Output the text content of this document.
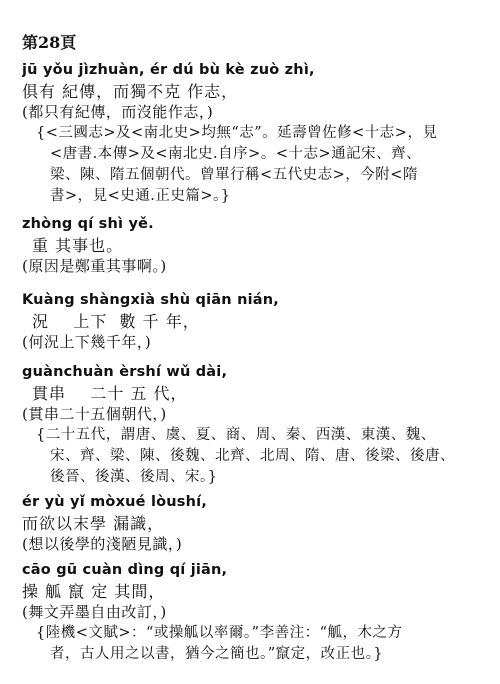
第28頁
jū yǒu jìzhuàn, ér dú bù kè zuò zhì,
俱有 紀傳，而獨不克 作志，
(都只有紀傳，而沒能作志，)
{<三國志>及<南北史>均無“志”。延壽曾佐修<十志>，見
<唐書.本傳>及<南北史.自序>。<十志>通記宋、齊、
梁、陳、隋五個朝代。曾單行稱<五代史志>，今附<隋
書>，見<史通.正史篇>。}
zhòng qí shì yě.
重 其事也。
(原因是鄭重其事啊。)
Kuàng shàngxià shù qiān nián,
況    上下  數 千 年，
(何況上下幾千年，)
guànchuàn èrshí wǔ dài,
貫串    二十 五 代，
(貫串二十五個朝代，)
{二十五代，謂唐、虞、夏、商、周、秦、西漢、東漢、魏、
宋、齊、梁、陳、後魏、北齊、北周、隋、唐、後梁、後唐、
後晉、後漢、後周、宋。}
ér yù yǐ mòxué lòushí,
而欲以末學 漏識，
(想以後學的淺陋見識，)
cāo gū cuàn dìng qí jiān,
操 觚 竄 定 其間，
(舞文弄墨自由改訂，)
{陸機<文賦>：“或操觚以率爾。”李善注：“觚，木之方
者，古人用之以書，猶今之簡也。”竄定，改正也。}
